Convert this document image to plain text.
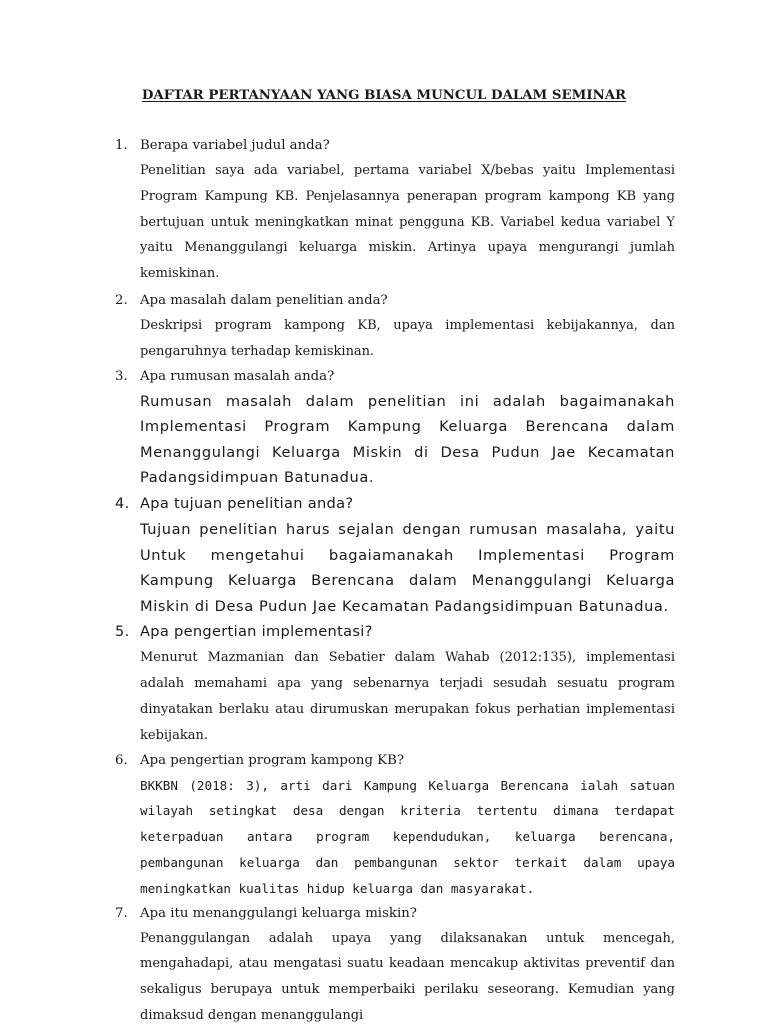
DAFTAR PERTANYAAN YANG BIASA MUNCUL DALAM SEMINAR
1. Berapa variabel judul anda?

Penelitian saya ada variabel, pertama variabel X/bebas yaitu Implementasi Program Kampung KB. Penjelasannya penerapan program kampong KB yang bertujuan untuk meningkatkan minat pengguna KB. Variabel kedua variabel Y yaitu Menanggulangi keluarga miskin. Artinya upaya mengurangi jumlah kemiskinan.

2. Apa masalah dalam penelitian anda?

Deskripsi program kampong KB, upaya implementasi kebijakannya, dan pengaruhnya terhadap kemiskinan.

3. Apa rumusan masalah anda?

Rumusan masalah dalam penelitian ini adalah bagaimanakah Implementasi Program Kampung Keluarga Berencana dalam Menanggulangi Keluarga Miskin di Desa Pudun Jae Kecamatan Padangsidimpuan Batunadua.

4. Apa tujuan penelitian anda?

Tujuan penelitian harus sejalan dengan rumusan masalaha, yaitu Untuk mengetahui bagaiamanakah Implementasi Program Kampung Keluarga Berencana dalam Menanggulangi Keluarga Miskin di Desa Pudun Jae Kecamatan Padangsidimpuan Batunadua.

5. Apa pengertian implementasi?

Menurut Mazmanian dan Sebatier dalam Wahab (2012:135), implementasi adalah memahami apa yang sebenarnya terjadi sesudah sesuatu program dinyatakan berlaku atau dirumuskan merupakan fokus perhatian implementasi kebijakan.

6. Apa pengertian program kampong KB?

BKKBN (2018: 3), arti dari Kampung Keluarga Berencana ialah satuan wilayah setingkat desa dengan kriteria tertentu dimana terdapat keterpaduan antara program kependudukan, keluarga berencana, pembangunan keluarga dan pembangunan sektor terkait dalam upaya meningkatkan kualitas hidup keluarga dan masyarakat.

7. Apa itu menanggulangi keluarga miskin?

Penanggulangan adalah upaya yang dilaksanakan untuk mencegah, mengahadapi, atau mengatasi suatu keadaan mencakup aktivitas preventif dan sekaligus berupaya untuk memperbaiki perilaku seseorang. Kemudian yang dimaksud dengan menanggulangi
